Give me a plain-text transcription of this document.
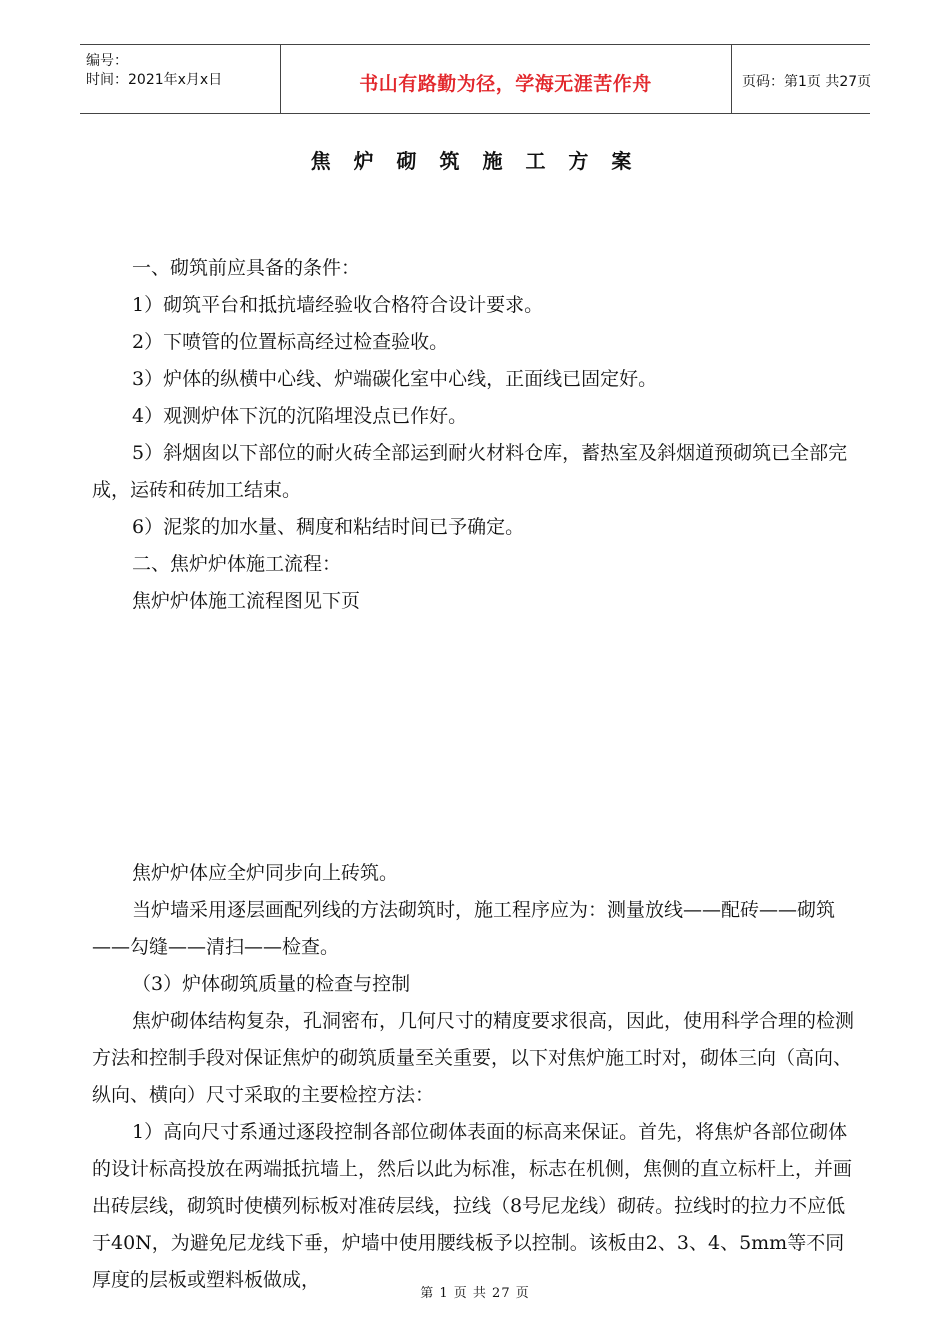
编号：
时间：2021年x月x日	书山有路勤为径，学海无涯苦作舟	页码：第1页 共27页
焦 炉 砌 筑 施 工 方 案

一、砌筑前应具备的条件：

1）砌筑平台和抵抗墙经验收合格符合设计要求。

2）下喷管的位置标高经过检查验收。

3）炉体的纵横中心线、炉端碳化室中心线，正面线已固定好。

4）观测炉体下沉的沉陷埋没点已作好。

5）斜烟囱以下部位的耐火砖全部运到耐火材料仓库，蓄热室及斜烟道预砌筑已全部完成，运砖和砖加工结束。

6）泥浆的加水量、稠度和粘结时间已予确定。

二、焦炉炉体施工流程：

焦炉炉体施工流程图见下页

焦炉炉体应全炉同步向上砖筑。

当炉墙采用逐层画配列线的方法砌筑时，施工程序应为：测量放线——配砖——砌筑——勾缝——清扫——检查。

（3）炉体砌筑质量的检查与控制

焦炉砌体结构复杂，孔洞密布，几何尺寸的精度要求很高，因此，使用科学合理的检测方法和控制手段对保证焦炉的砌筑质量至关重要，以下对焦炉施工时对，砌体三向（高向、纵向、横向）尺寸采取的主要检控方法：

1）高向尺寸系通过逐段控制各部位砌体表面的标高来保证。首先，将焦炉各部位砌体的设计标高投放在两端抵抗墙上，然后以此为标准，标志在机侧，焦侧的直立标杆上，并画出砖层线，砌筑时使横列标板对准砖层线，拉线（8号尼龙线）砌砖。拉线时的拉力不应低于40N，为避免尼龙线下垂，炉墙中使用腰线板予以控制。该板由2、3、4、5mm等不同厚度的层板或塑料板做成，

第 1 页 共 27 页
